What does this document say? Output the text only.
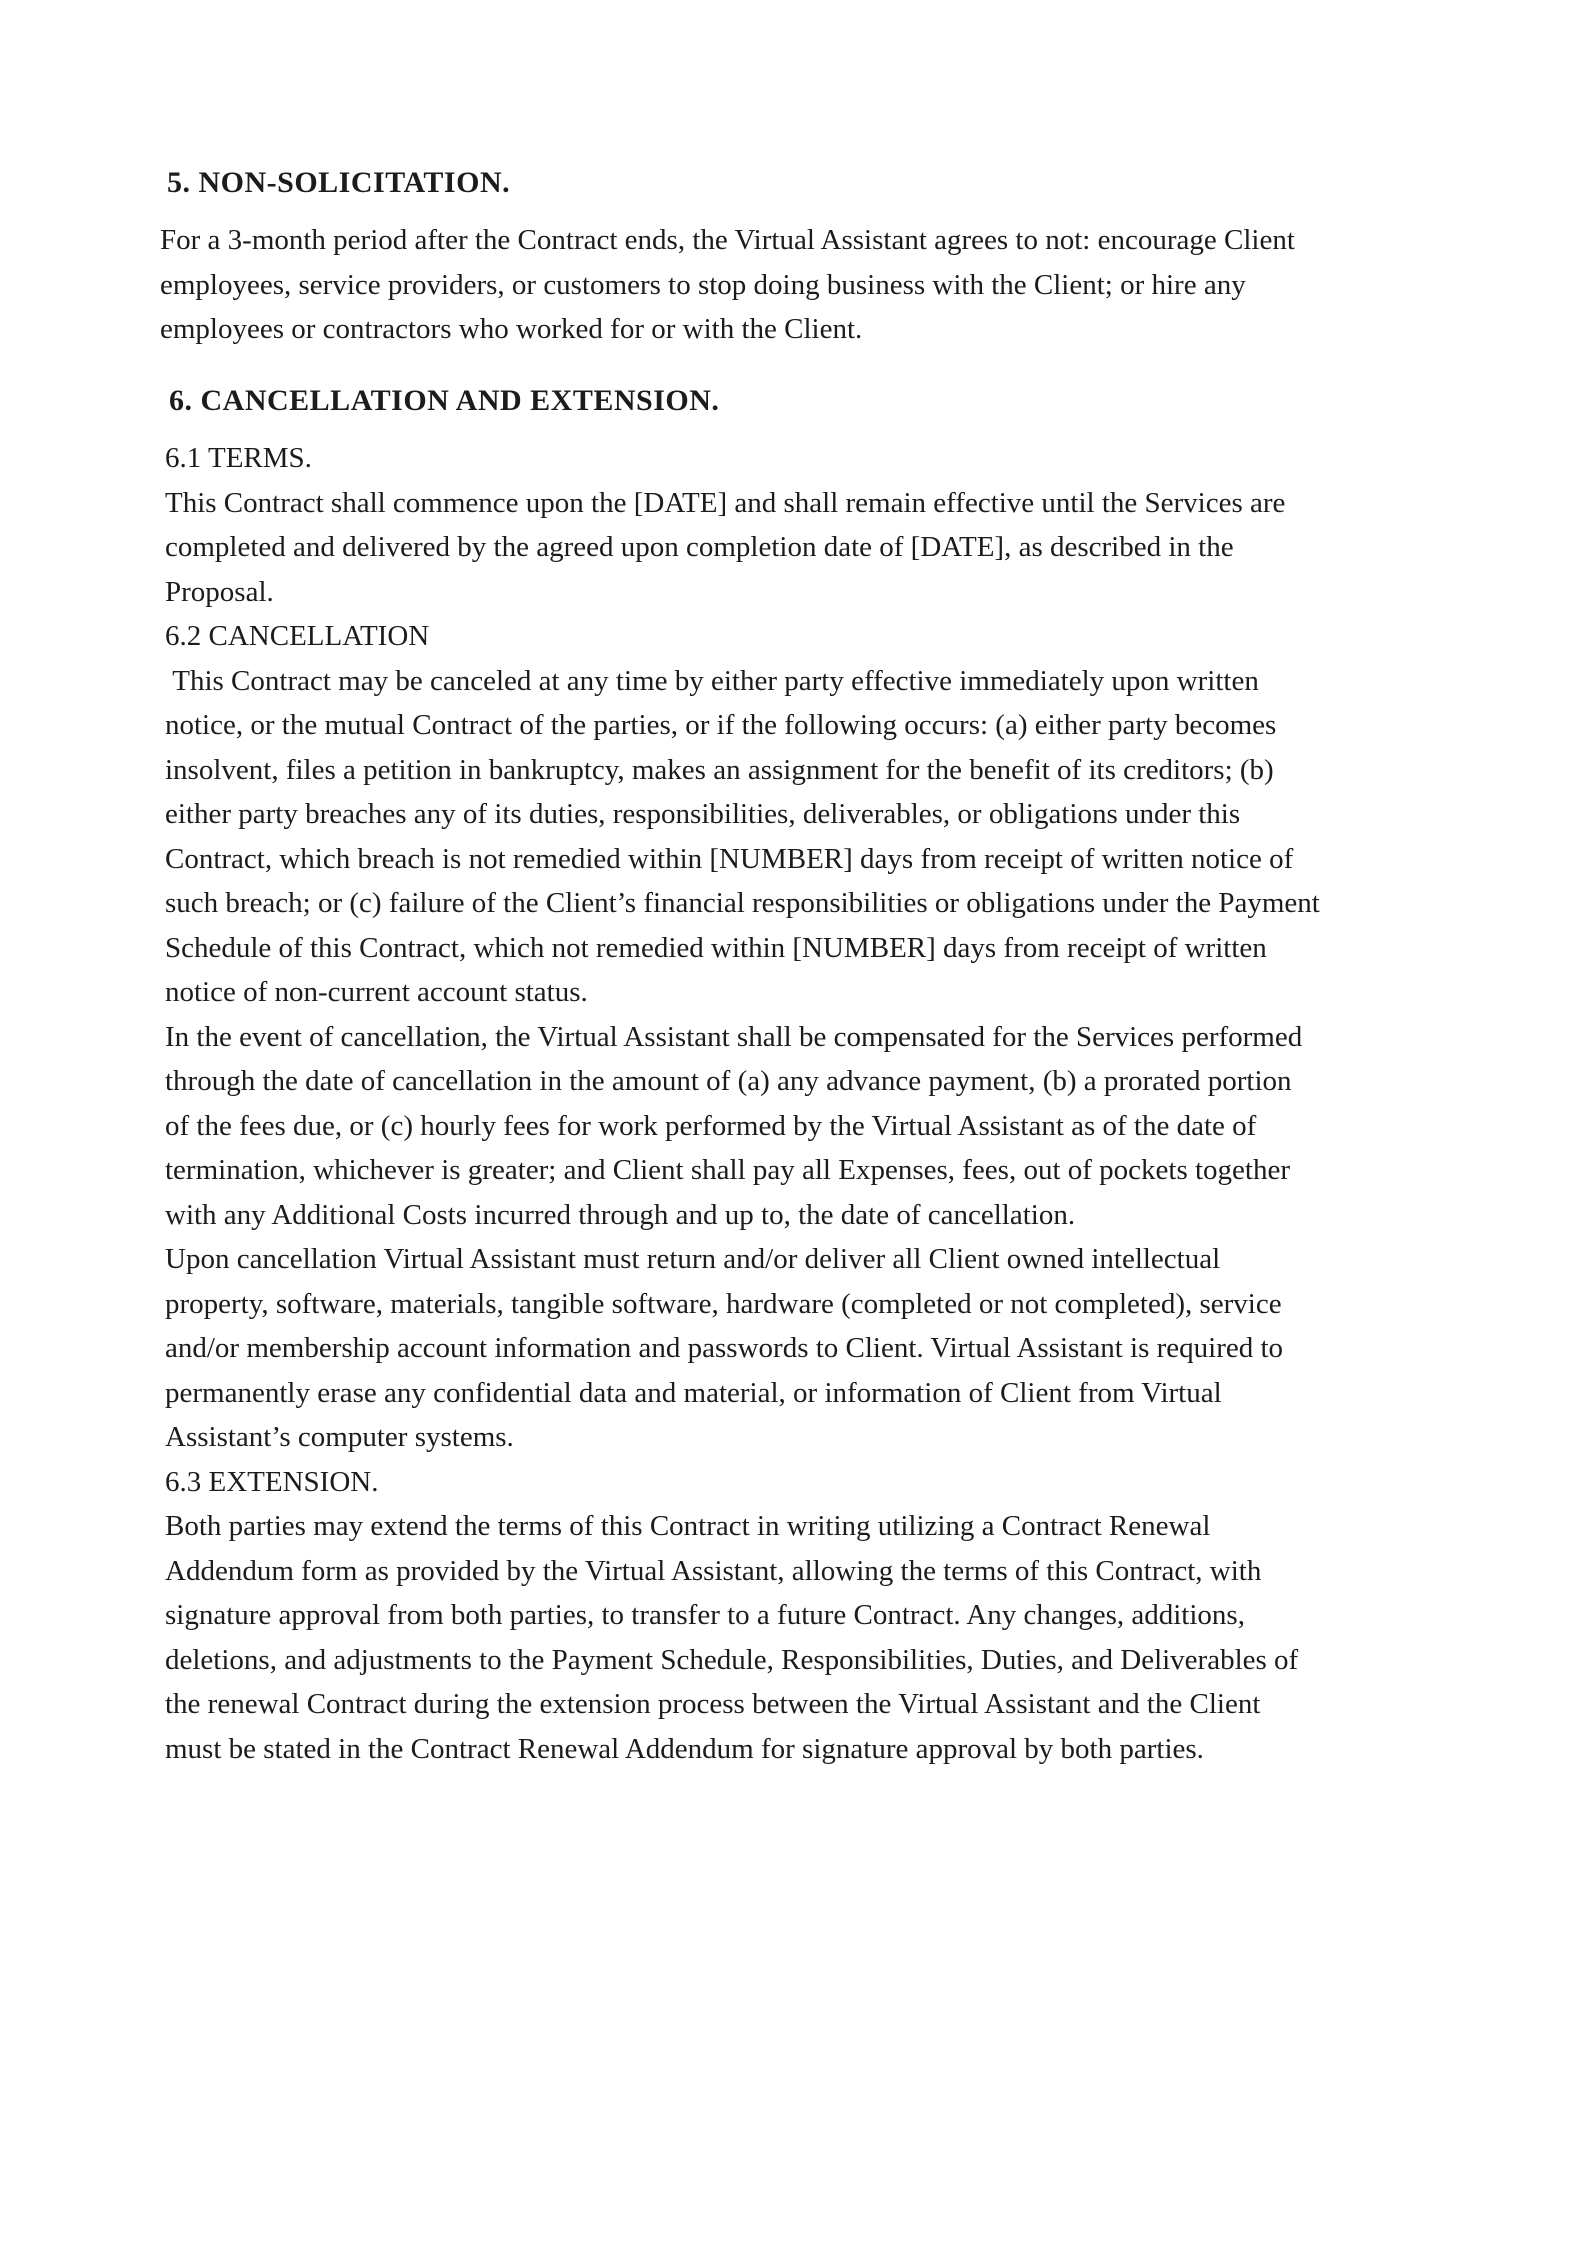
5. NON-SOLICITATION.
For a 3-month period after the Contract ends, the Virtual Assistant agrees to not: encourage Client
employees, service providers, or customers to stop doing business with the Client; or hire any
employees or contractors who worked for or with the Client.
6. CANCELLATION AND EXTENSION.
6.1 TERMS.
This Contract shall commence upon the [DATE] and shall remain effective until the Services are
completed and delivered by the agreed upon completion date of [DATE], as described in the
Proposal.
6.2 CANCELLATION
This Contract may be canceled at any time by either party effective immediately upon written
notice, or the mutual Contract of the parties, or if the following occurs: (a) either party becomes
insolvent, files a petition in bankruptcy, makes an assignment for the benefit of its creditors; (b)
either party breaches any of its duties, responsibilities, deliverables, or obligations under this
Contract, which breach is not remedied within [NUMBER] days from receipt of written notice of
such breach; or (c) failure of the Client’s financial responsibilities or obligations under the Payment
Schedule of this Contract, which not remedied within [NUMBER] days from receipt of written
notice of non-current account status.
In the event of cancellation, the Virtual Assistant shall be compensated for the Services performed
through the date of cancellation in the amount of (a) any advance payment, (b) a prorated portion
of the fees due, or (c) hourly fees for work performed by the Virtual Assistant as of the date of
termination, whichever is greater; and Client shall pay all Expenses, fees, out of pockets together
with any Additional Costs incurred through and up to, the date of cancellation.
Upon cancellation Virtual Assistant must return and/or deliver all Client owned intellectual
property, software, materials, tangible software, hardware (completed or not completed), service
and/or membership account information and passwords to Client. Virtual Assistant is required to
permanently erase any confidential data and material, or information of Client from Virtual
Assistant’s computer systems.
6.3 EXTENSION.
Both parties may extend the terms of this Contract in writing utilizing a Contract Renewal
Addendum form as provided by the Virtual Assistant, allowing the terms of this Contract, with
signature approval from both parties, to transfer to a future Contract. Any changes, additions,
deletions, and adjustments to the Payment Schedule, Responsibilities, Duties, and Deliverables of
the renewal Contract during the extension process between the Virtual Assistant and the Client
must be stated in the Contract Renewal Addendum for signature approval by both parties.
